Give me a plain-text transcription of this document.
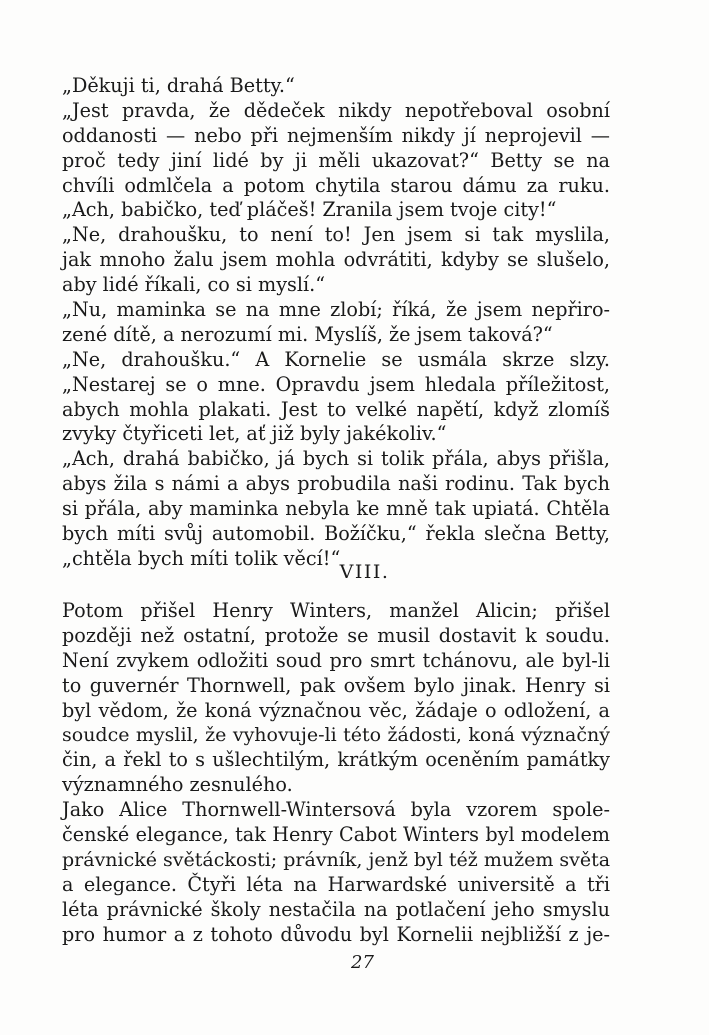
„Děkuji ti, drahá Betty.“
„Jest pravda, že dědeček nikdy nepotřeboval osobní
oddanosti — nebo při nejmenším nikdy jí neprojevil —
proč tedy jiní lidé by ji měli ukazovat?“ Betty se na
chvíli odmlčela a potom chytila starou dámu za ruku.
„Ach, babičko, teď pláčeš! Zranila jsem tvoje city!“
„Ne, drahoušku, to není to! Jen jsem si tak myslila,
jak mnoho žalu jsem mohla odvrátiti, kdyby se slušelo,
aby lidé říkali, co si myslí.“
„Nu, maminka se na mne zlobí; říká, že jsem nepřiro-
zené dítě, a nerozumí mi. Myslíš, že jsem taková?“
„Ne, drahoušku.“ A Kornelie se usmála skrze slzy.
„Nestarej se o mne. Opravdu jsem hledala příležitost,
abych mohla plakati. Jest to velké napětí, když zlomíš
zvyky čtyřiceti let, ať již byly jakékoliv.“
„Ach, drahá babičko, já bych si tolik přála, abys přišla,
abys žila s námi a abys probudila naši rodinu. Tak bych
si přála, aby maminka nebyla ke mně tak upiatá. Chtěla
bych míti svůj automobil. Božíčku,“ řekla slečna Betty,
„chtěla bych míti tolik věcí!“
VIII.
Potom přišel Henry Winters, manžel Alicin; přišel
později než ostatní, protože se musil dostavit k soudu.
Není zvykem odložiti soud pro smrt tchánovu, ale byl-li
to guvernér Thornwell, pak ovšem bylo jinak. Henry si
byl vědom, že koná význačnou věc, žádaje o odložení, a
soudce myslil, že vyhovuje-li této žádosti, koná význačný
čin, a řekl to s ušlechtilým, krátkým oceněním památky
významného zesnulého.
Jako Alice Thornwell-Wintersová byla vzorem spole-
čenské elegance, tak Henry Cabot Winters byl modelem
právnické světáckosti; právník, jenž byl též mužem světa
a elegance. Čtyři léta na Harwardské universitě a tři
léta právnické školy nestačila na potlačení jeho smyslu
pro humor a z tohoto důvodu byl Kornelii nejbližší z je-
27
